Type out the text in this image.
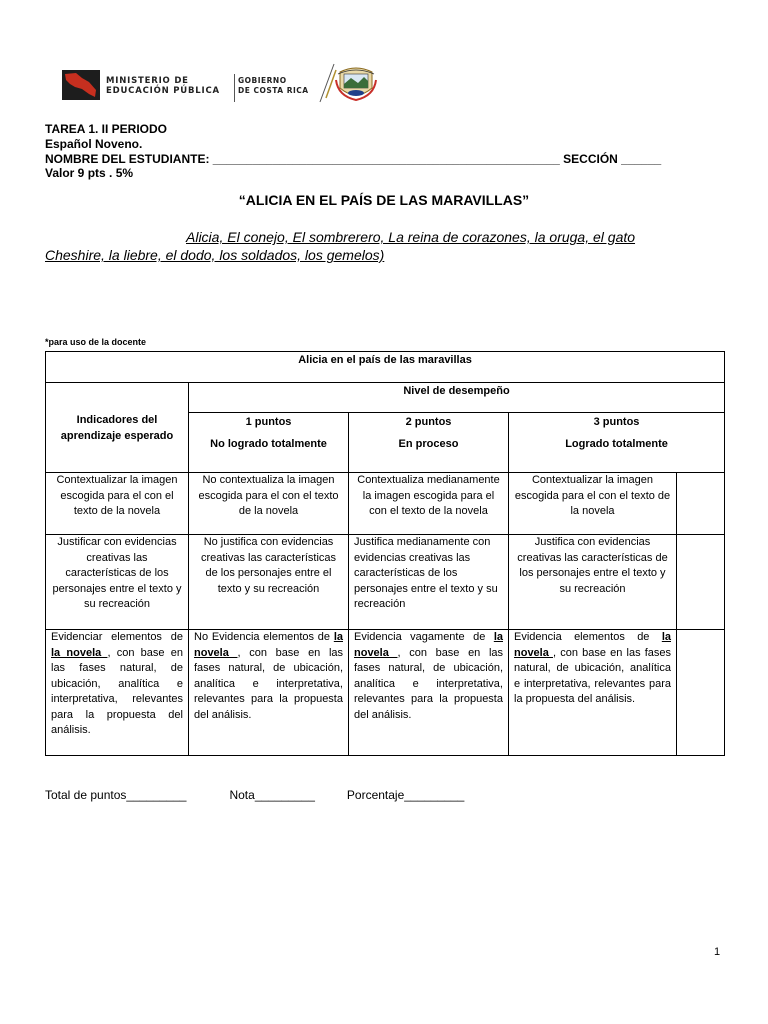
MINISTERIO DE
EDUCACIÓN PÚBLICA
GOBIERNO
DE COSTA RICA
TAREA 1. II PERIODO
Español Noveno.
NOMBRE DEL ESTUDIANTE: ____________________________________________________ SECCIÓN ______
Valor 9 pts . 5%
“ALICIA EN EL PAÍS DE LAS MARAVILLAS”
Alicia, El conejo, El sombrerero, La reina de corazones, la oruga, el gato
Cheshire, la liebre, el dodo, los soldados, los gemelos)
*para uso de la docente
Alicia en el país de las maravillas				
Indicadores del aprendizaje esperado	Nivel de desempeño			
	1 puntos	2 puntos	3 puntos	
	No logrado totalmente	En proceso	Logrado totalmente	
Contextualizar la imagen escogida para el con el texto de la novela	No contextualiza la imagen escogida para el con el texto de la novela	Contextualiza medianamente la imagen escogida para el con el texto de la novela	Contextualizar la imagen escogida para el con el texto de la novela	
Justificar con evidencias creativas las características de los personajes entre el texto y su recreación	No justifica con evidencias creativas las características de los personajes entre el texto y su recreación	Justifica medianamente con evidencias creativas las características de los personajes entre el texto y su recreación	Justifica con evidencias creativas las características de los personajes entre el texto y su recreación	
Evidenciar elementos de la novela , con base en las fases natural, de ubicación, analítica e interpretativa, relevantes para la propuesta del análisis.	No Evidencia elementos de la novela , con base en las fases natural, de ubicación, analítica e interpretativa, relevantes para la propuesta del análisis.	Evidencia vagamente de la novela , con base en las fases natural, de ubicación, analítica e interpretativa, relevantes para la propuesta del análisis.	Evidencia elementos de la novela , con base en las fases natural, de ubicación, analítica e interpretativa, relevantes para la propuesta del análisis.	
Total de puntos_________	Nota_________	Porcentaje_________
1
